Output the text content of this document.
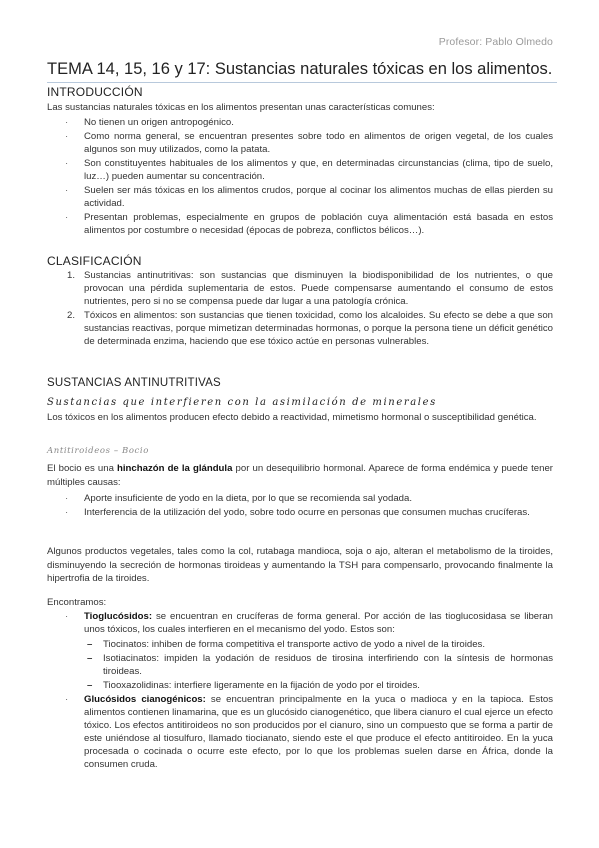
Profesor: Pablo Olmedo
TEMA 14, 15, 16 y 17: Sustancias naturales tóxicas en los alimentos.
INTRODUCCIÓN
Las sustancias naturales tóxicas en los alimentos presentan unas características comunes:
· No tienen un origen antropogénico.
· Como norma general, se encuentran presentes sobre todo en alimentos de origen vegetal, de los cuales algunos son muy utilizados, como la patata.
· Son constituyentes habituales de los alimentos y que, en determinadas circunstancias (clima, tipo de suelo, luz…) pueden aumentar su concentración.
· Suelen ser más tóxicas en los alimentos crudos, porque al cocinar los alimentos muchas de ellas pierden su actividad.
· Presentan problemas, especialmente en grupos de población cuya alimentación está basada en estos alimentos por costumbre o necesidad (épocas de pobreza, conflictos bélicos…).
CLASIFICACIÓN
1. Sustancias antinutritivas: son sustancias que disminuyen la biodisponibilidad de los nutrientes, o que provocan una pérdida suplementaria de estos. Puede compensarse aumentando el consumo de estos nutrientes, pero si no se compensa puede dar lugar a una patología crónica.
2. Tóxicos en alimentos: son sustancias que tienen toxicidad, como los alcaloides. Su efecto se debe a que son sustancias reactivas, porque mimetizan determinadas hormonas, o porque la persona tiene un déficit genético de determinada enzima, haciendo que ese tóxico actúe en personas vulnerables.
SUSTANCIAS ANTINUTRITIVAS
Sustancias que interfieren con la asimilación de minerales
Los tóxicos en los alimentos producen efecto debido a reactividad, mimetismo hormonal o susceptibilidad genética.
Antitiroideos – Bocio
El bocio es una hinchazón de la glándula por un desequilibrio hormonal. Aparece de forma endémica y puede tener múltiples causas:
· Aporte insuficiente de yodo en la dieta, por lo que se recomienda sal yodada.
· Interferencia de la utilización del yodo, sobre todo ocurre en personas que consumen muchas crucíferas.
Algunos productos vegetales, tales como la col, rutabaga mandioca, soja o ajo, alteran el metabolismo de la tiroides, disminuyendo la secreción de hormonas tiroideas y aumentando la TSH para compensarlo, provocando finalmente la hipertrofia de la tiroides.
Encontramos:
· Tioglucósidos: se encuentran en crucíferas de forma general. Por acción de las tioglucosidasa se liberan unos tóxicos, los cuales interfieren en el mecanismo del yodo. Estos son:
– Tiocinatos: inhiben de forma competitiva el transporte activo de yodo a nivel de la tiroides.
– Isotiacinatos: impiden la yodación de residuos de tirosina interfiriendo con la síntesis de hormonas tiroideas.
– Tiooxazolidinas: interfiere ligeramente en la fijación de yodo por el tiroides.
· Glucósidos cianogénicos: se encuentran principalmente en la yuca o madioca y en la tapioca. Estos alimentos contienen linamarina, que es un glucósido cianogenético, que libera cianuro el cual ejerce un efecto tóxico. Los efectos antitiroideos no son producidos por el cianuro, sino un compuesto que se forma a partir de este uniéndose al tiosulfuro, llamado tiocianato, siendo este el que produce el efecto antitiroideo. En la yuca procesada o cocinada o ocurre este efecto, por lo que los problemas suelen darse en África, donde la consumen cruda.
